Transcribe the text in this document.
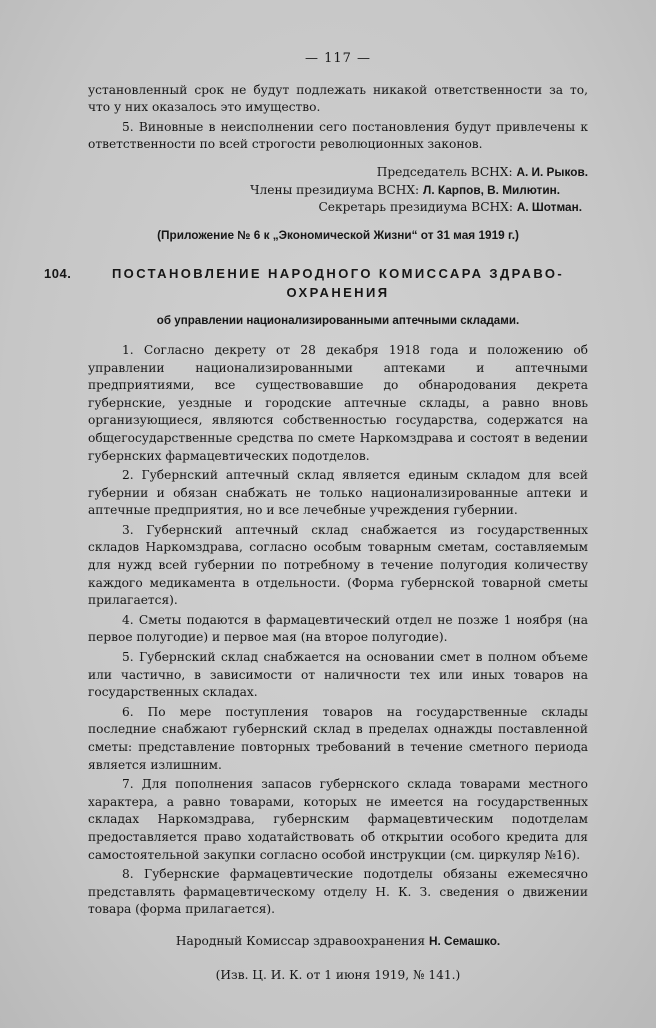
— 117 —

установленный срок не будут подлежать никакой ответственности за то, что у них оказалось это имущество.

5. Виновные в неисполнении сего постановления будут привлечены к ответственности по всей строгости революционных законов.

Председатель ВСНХ: А. И. Рыков.

Члены президиума ВСНХ: Л. Карпов, В. Милютин.

Секретарь президиума ВСНХ: А. Шотман.

(Приложение № 6 к „Экономической Жизни“ от 31 мая 1919 г.)
104.	ПОСТАНОВЛЕНИЕ НАРОДНОГО КОМИССАРА ЗДРАВО-
ОХРАНЕНИЯ
об управлении национализированными аптечными складами.

1. Согласно декрету от 28 декабря 1918 года и положению об управлении национализированными аптеками и аптечными предприятиями, все существовавшие до обнародования декрета губернские, уездные и городские аптечные склады, а равно вновь организующиеся, являются собственностью государства, содержатся на общегосударственные средства по смете Наркомздрава и состоят в ведении губернских фармацевтических подотделов.

2. Губернский аптечный склад является единым складом для всей губернии и обязан снабжать не только национализированные аптеки и аптечные предприятия, но и все лечебные учреждения губернии.

3. Губернский аптечный склад снабжается из государственных складов Наркомздрава, согласно особым товарным сметам, составляемым для нужд всей губернии по потребному в течение полугодия количеству каждого медикамента в отдельности. (Форма губернской товарной сметы прилагается).

4. Сметы подаются в фармацевтический отдел не позже 1 ноября (на первое полугодие) и первое мая (на второе полугодие).

5. Губернский склад снабжается на основании смет в полном объеме или частично, в зависимости от наличности тех или иных товаров на государственных складах.

6. По мере поступления товаров на государственные склады последние снабжают губернский склад в пределах однажды поставленной сметы: представление повторных требований в течение сметного периода является излишним.

7. Для пополнения запасов губернского склада товарами местного характера, а равно товарами, которых не имеется на государственных складах Наркомздрава, губернским фармацевтическим подотделам предоставляется право ходатайствовать об открытии особого кредита для самостоятельной закупки согласно особой инструкции (см. циркуляр №16).

8. Губернские фармацевтические подотделы обязаны ежемесячно представлять фармацевтическому отделу Н. К. З. сведения о движении товара (форма прилагается).

Народный Комиссар здравоохранения Н. Семашко.
(Изв. Ц. И. К. от 1 июня 1919, № 141.)
